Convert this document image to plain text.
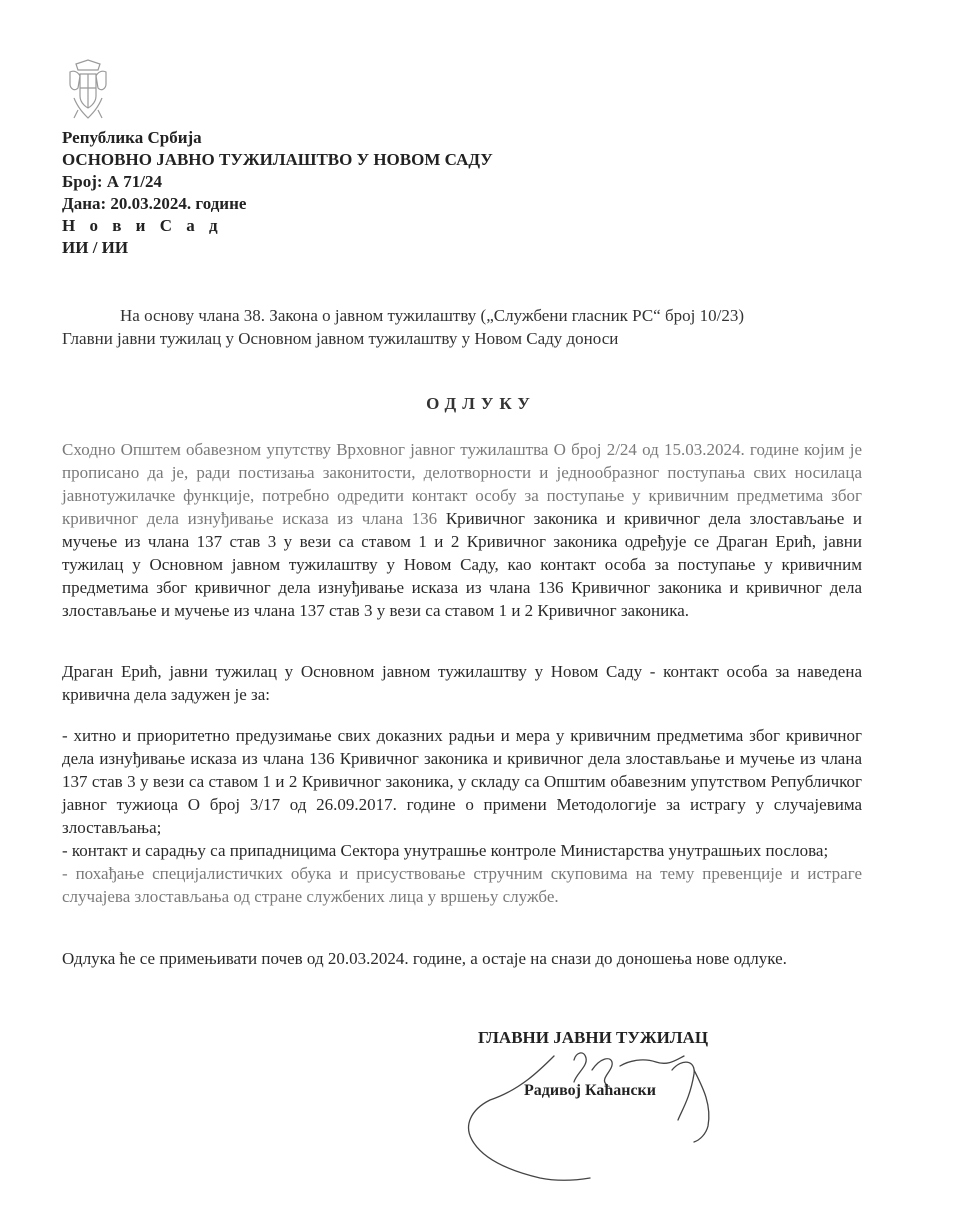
Република Србија
ОСНОВНО ЈАВНО ТУЖИЛАШТВО У НОВОМ САДУ
Број: А 71/24
Дана: 20.03.2024. године
Н о в и С а д
ИИ / ИИ
На основу члана 38. Закона о јавном тужилаштву („Службени гласник РС“ број 10/23)
Главни јавни тужилац у Основном јавном тужилаштву у Новом Саду доноси
ОДЛУКУ
Сходно Општем обавезном упутству Врховног јавног тужилаштва О број 2/24 од 15.03.2024. године којим је прописано да је, ради постизања законитости, делотворности и једнообразног поступања свих носилаца јавнотужилачке функције, потребно одредити контакт особу за поступање у кривичним предметима због кривичног дела изнуђивање исказа из члана 136 Кривичног законика и кривичног дела злостављање и мучење из члана 137 став 3 у вези са ставом 1 и 2 Кривичног законика одређује се Драган Ерић, јавни тужилац у Основном јавном тужилаштву у Новом Саду, као контакт особа за поступање у кривичним предметима због кривичног дела изнуђивање исказа из члана 136 Кривичног законика и кривичног дела злостављање и мучење из члана 137 став 3 у вези са ставом 1 и 2 Кривичног законика.
Драган Ерић, јавни тужилац у Основном јавном тужилаштву у Новом Саду - контакт особа за наведена кривична дела задужен је за:
- хитно и приоритетно предузимање свих доказних радњи и мера у кривичним предметима због кривичног дела изнуђивање исказа из члана 136 Кривичног законика и кривичног дела злостављање и мучење из члана 137 став 3 у вези са ставом 1 и 2 Кривичног законика, у складу са Општим обавезним упутством Републичког јавног тужиоца О број 3/17 од 26.09.2017. године о примени Методологије за истрагу у случајевима злостављања;
- контакт и сарадњу са припадницима Сектора унутрашње контроле Министарства унутрашњих послова;
- похађање специјалистичких обука и присуствовање стручним скуповима на тему превенције и истраге случајева злостављања од стране службених лица у вршењу службе.
Одлука ће се примењивати почев од 20.03.2024. године, а остаје на снази до доношења нове одлуке.
ГЛАВНИ ЈАВНИ ТУЖИЛАЦ
Радивој Каћански
